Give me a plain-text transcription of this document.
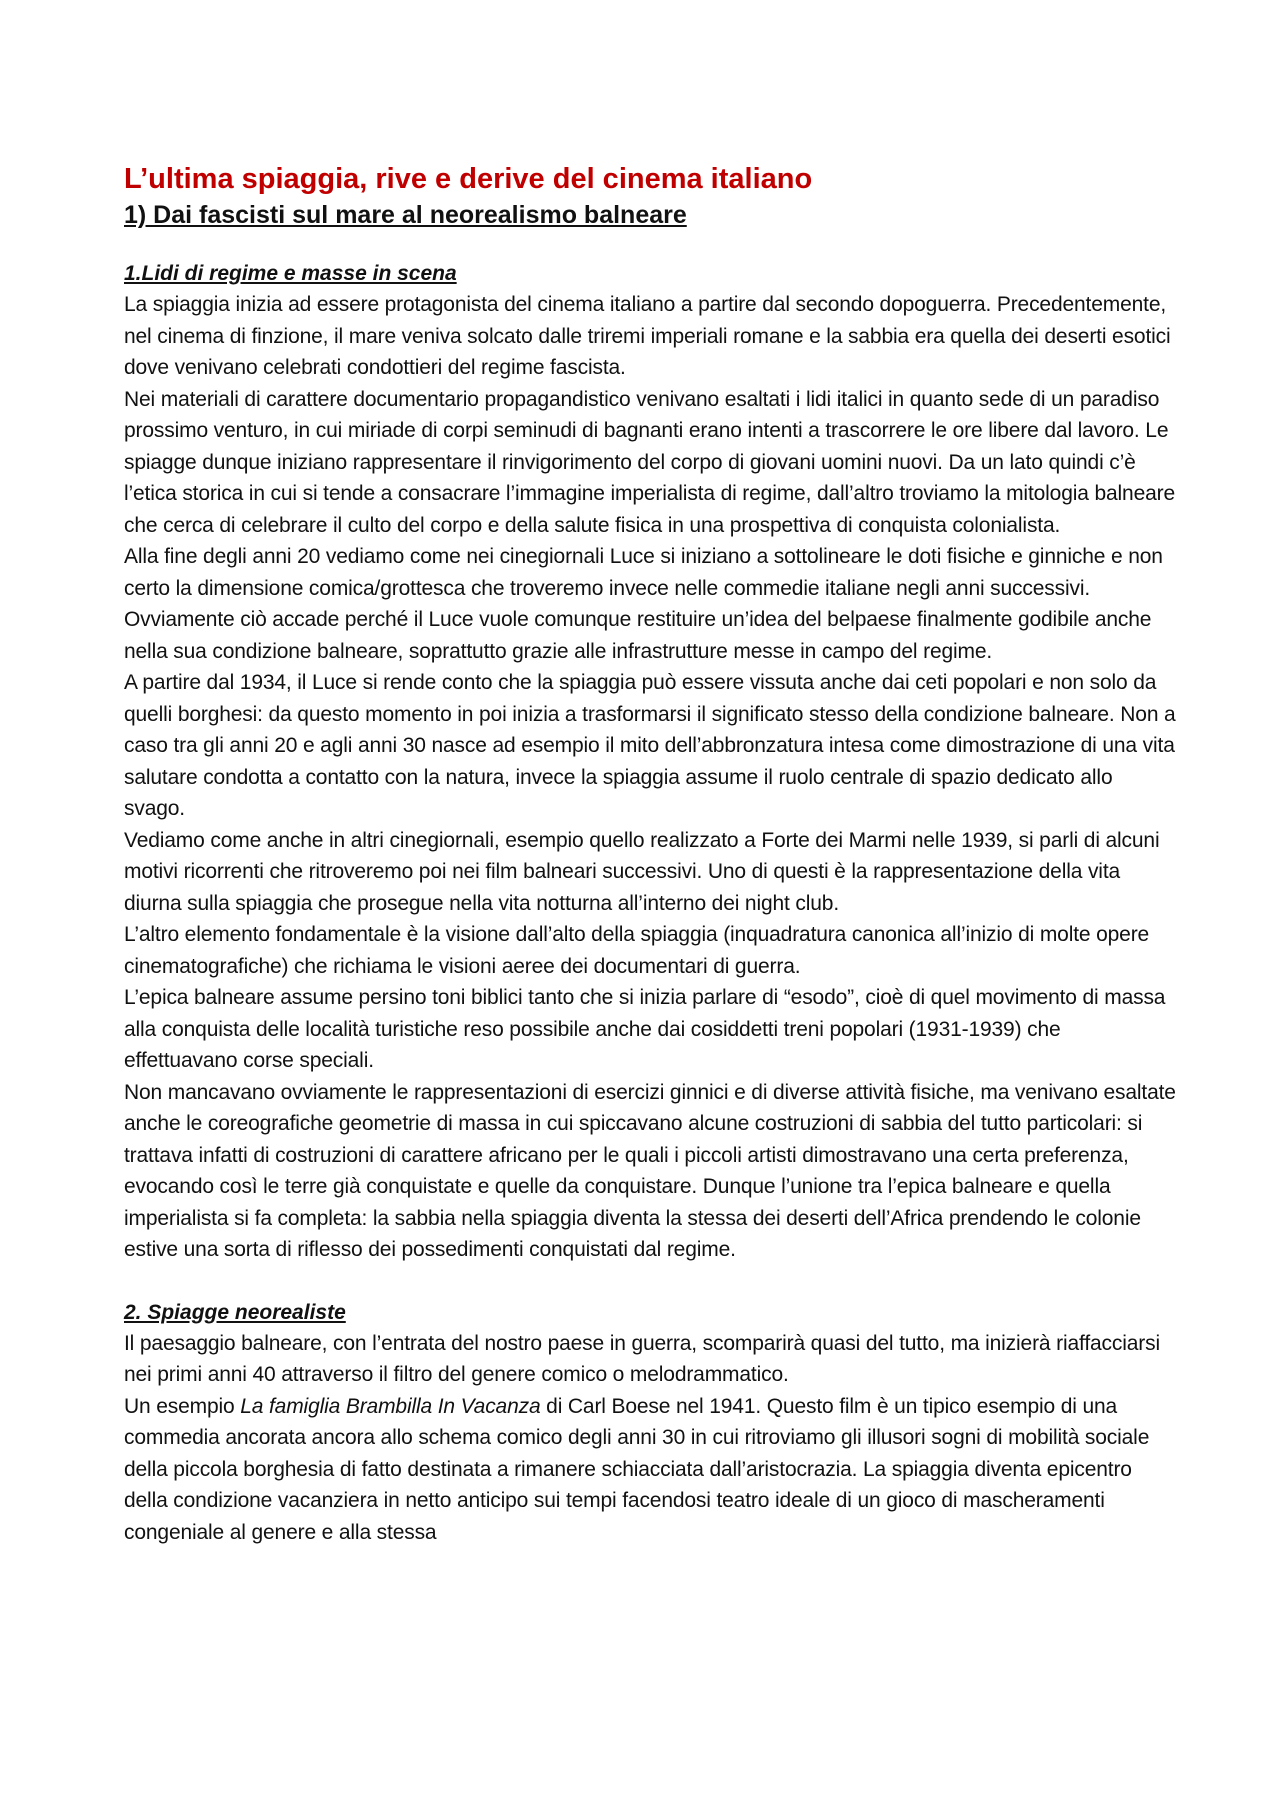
L’ultima spiaggia, rive e derive del cinema italiano
1) Dai fascisti sul mare al neorealismo balneare
1.Lidi di regime e masse in scena

La spiaggia inizia ad essere protagonista del cinema italiano a partire dal secondo dopoguerra. Precedentemente, nel cinema di finzione, il mare veniva solcato dalle triremi imperiali romane e la sabbia era quella dei deserti esotici dove venivano celebrati condottieri del regime fascista.

Nei materiali di carattere documentario propagandistico venivano esaltati i lidi italici in quanto sede di un paradiso prossimo venturo, in cui miriade di corpi seminudi di bagnanti erano intenti a trascorrere le ore libere dal lavoro. Le spiagge dunque iniziano rappresentare il rinvigorimento del corpo di giovani uomini nuovi. Da un lato quindi c’è l’etica storica in cui si tende a consacrare l’immagine imperialista di regime, dall’altro troviamo la mitologia balneare che cerca di celebrare il culto del corpo e della salute fisica in una prospettiva di conquista colonialista.

Alla fine degli anni 20 vediamo come nei cinegiornali Luce si iniziano a sottolineare le doti fisiche e ginniche e non certo la dimensione comica/grottesca che troveremo invece nelle commedie italiane negli anni successivi. Ovviamente ciò accade perché il Luce vuole comunque restituire un’idea del belpaese finalmente godibile anche nella sua condizione balneare, soprattutto grazie alle infrastrutture messe in campo del regime.

A partire dal 1934, il Luce si rende conto che la spiaggia può essere vissuta anche dai ceti popolari e non solo da quelli borghesi: da questo momento in poi inizia a trasformarsi il significato stesso della condizione balneare. Non a caso tra gli anni 20 e agli anni 30 nasce ad esempio il mito dell’abbronzatura intesa come dimostrazione di una vita salutare condotta a contatto con la natura, invece la spiaggia assume il ruolo centrale di spazio dedicato allo svago.

Vediamo come anche in altri cinegiornali, esempio quello realizzato a Forte dei Marmi nelle 1939, si parli di alcuni motivi ricorrenti che ritroveremo poi nei film balneari successivi. Uno di questi è la rappresentazione della vita diurna sulla spiaggia che prosegue nella vita notturna all’interno dei night club.

L’altro elemento fondamentale è la visione dall’alto della spiaggia (inquadratura canonica all’inizio di molte opere cinematografiche) che richiama le visioni aeree dei documentari di guerra.

L’epica balneare assume persino toni biblici tanto che si inizia parlare di “esodo”, cioè di quel movimento di massa alla conquista delle località turistiche reso possibile anche dai cosiddetti treni popolari (1931-1939) che effettuavano corse speciali.

Non mancavano ovviamente le rappresentazioni di esercizi ginnici e di diverse attività fisiche, ma venivano esaltate anche le coreografiche geometrie di massa in cui spiccavano alcune costruzioni di sabbia del tutto particolari: si trattava infatti di costruzioni di carattere africano per le quali i piccoli artisti dimostravano una certa preferenza, evocando così le terre già conquistate e quelle da conquistare. Dunque l’unione tra l’epica balneare e quella imperialista si fa completa: la sabbia nella spiaggia diventa la stessa dei deserti dell’Africa prendendo le colonie estive una sorta di riflesso dei possedimenti conquistati dal regime.

2. Spiagge neorealiste

Il paesaggio balneare, con l’entrata del nostro paese in guerra, scomparirà quasi del tutto, ma inizierà riaffacciarsi nei primi anni 40 attraverso il filtro del genere comico o melodrammatico.

Un esempio La famiglia Brambilla In Vacanza di Carl Boese nel 1941. Questo film è un tipico esempio di una commedia ancorata ancora allo schema comico degli anni 30 in cui ritroviamo gli illusori sogni di mobilità sociale della piccola borghesia di fatto destinata a rimanere schiacciata dall’aristocrazia. La spiaggia diventa epicentro della condizione vacanziera in netto anticipo sui tempi facendosi teatro ideale di un gioco di mascheramenti congeniale al genere e alla stessa
